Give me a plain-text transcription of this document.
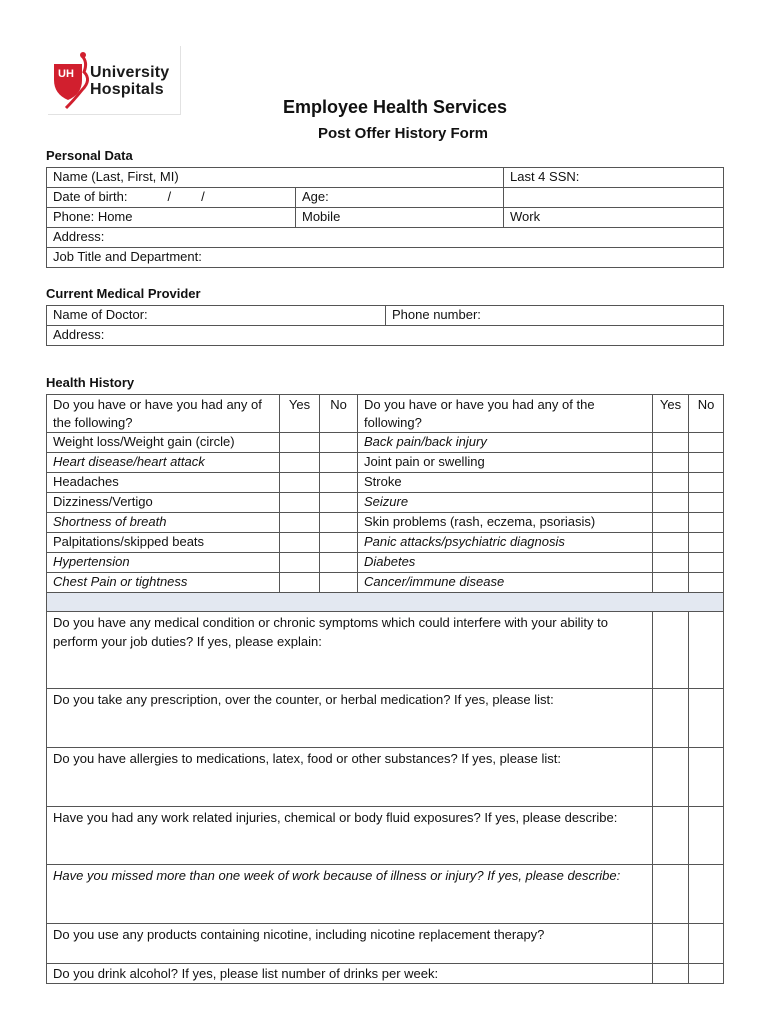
UH University
Hospitals
Employee Health Services
Post Offer History Form
Personal Data
Name (Last, First, MI)		Last 4 SSN:
Date of birth: / /	Age:	
Phone: Home	Mobile	Work
Address:		
Job Title and Department:		
Current Medical Provider
Name of Doctor:	Phone number:
Address:
Health History
Do you have or have you had any of the following?	Yes	No	Do you have or have you had any of the following?	Yes	No
Weight loss/Weight gain (circle)			Back pain/back injury		
Heart disease/heart attack			Joint pain or swelling		
Headaches			Stroke		
Dizziness/Vertigo			Seizure		
Shortness of breath			Skin problems (rash, eczema, psoriasis)		
Palpitations/skipped beats			Panic attacks/psychiatric diagnosis		
Hypertension			Diabetes		
Chest Pain or tightness			Cancer/immune disease		

Do you have any medical condition or chronic symptoms which could interfere with your ability to perform your job duties? If yes, please explain:					
Do you take any prescription, over the counter, or herbal medication? If yes, please list:					
Do you have allergies to medications, latex, food or other substances? If yes, please list:					
Have you had any work related injuries, chemical or body fluid exposures? If yes, please describe:					
Have you missed more than one week of work because of illness or injury? If yes, please describe:					
Do you use any products containing nicotine, including nicotine replacement therapy?					
Do you drink alcohol? If yes, please list number of drinks per week:					
